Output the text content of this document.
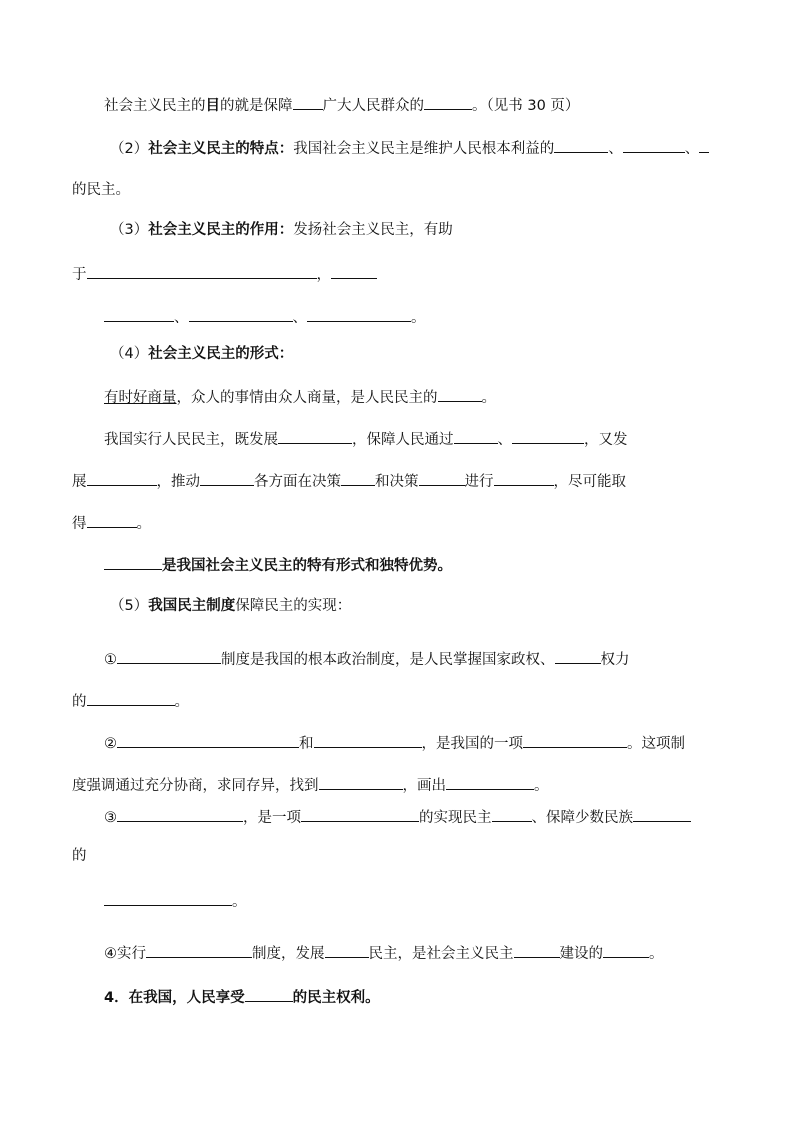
社会主义民主的目的就是保障 广大人民群众的	。（见书 30 页）
（2）社会主义民主的特点：我国社会主义民主是维护人民根本利益的	、	、
的民主。
（3）社会主义民主的作用：发扬社会主义民主，有助
于	，
、	、	。
（4）社会主义民主的形式：
有时好商量，众人的事情由众人商量，是人民民主的	。
我国实行人民民主，既发展	，保障人民通过	、	，又发
展	，推动	各方面在决策 和决策	进行	，尽可能取
得	。
是我国社会主义民主的特有形式和独特优势。
（5）我国民主制度保障民主的实现：
①	制度是我国的根本政治制度，是人民掌握国家政权、	权力
的	。
②	和	，是我国的一项	。这项制
度强调通过充分协商，求同存异，找到	，画出	。
③	，是一项	的实现民主	、保障少数民族
的
。
④实行	制度，发展	民主，是社会主义民主	建设的	。
4．在我国，人民享受	的民主权利。
